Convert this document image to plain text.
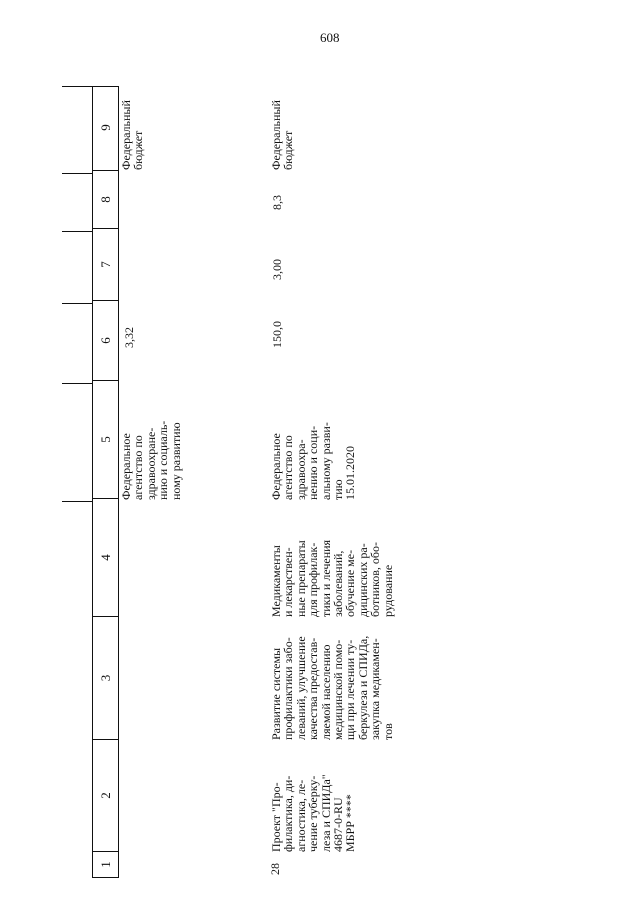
608
1
2
3
4
5
6
7
8
9
Федеральное
агентство по
здравоохране-
нию и социаль-
ному развитию
3,32
Федеральный
бюджет
28
Проект "Про-
филактика, ди-
агностика, ле-
чение туберку-
леза и СПИДа"
4687-0-RU
МБРР ****
Развитие системы
профилактики забо-
леваний, улучшение
качества предостав-
ляемой населению
медицинской помо-
щи при лечении ту-
беркулеза и СПИДа,
закупка медикамен-
тов
Медикаменты
и лекарствен-
ные препараты
для профилак-
тики и лечения
заболеваний,
обучение ме-
дицинских ра-
ботников, обо-
рудование
Федеральное
агентство по
здравоохра-
нению и соци-
альному разви-
тию
15.01.2020
150,0
3,00
8,3
Федеральный
бюджет
